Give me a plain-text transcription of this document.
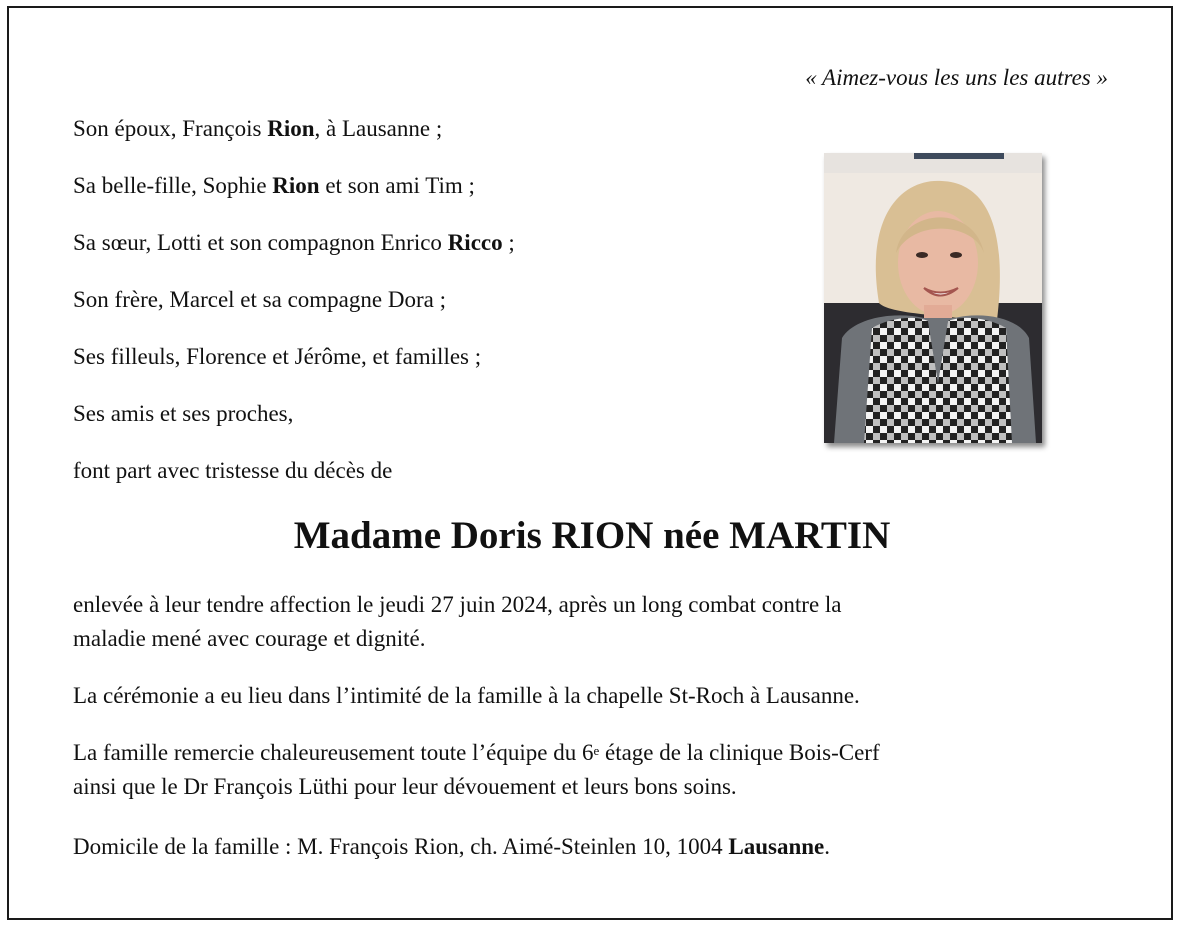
« Aimez-vous les uns les autres »
Son époux, François Rion, à Lausanne ;
Sa belle-fille, Sophie Rion et son ami Tim ;
Sa sœur, Lotti et son compagnon Enrico Ricco ;
Son frère, Marcel et sa compagne Dora ;
Ses filleuls, Florence et Jérôme, et familles ;
Ses amis et ses proches,
font part avec tristesse du décès de
Madame Doris RION née MARTIN
enlevée à leur tendre affection le jeudi 27 juin 2024, après un long combat contre la
maladie mené avec courage et dignité.
La cérémonie a eu lieu dans l’intimité de la famille à la chapelle St-Roch à Lausanne.
La famille remercie chaleureusement toute l’équipe du 6e étage de la clinique Bois-Cerf
ainsi que le Dr François Lüthi pour leur dévouement et leurs bons soins.
Domicile de la famille : M. François Rion, ch. Aimé-Steinlen 10, 1004 Lausanne.
